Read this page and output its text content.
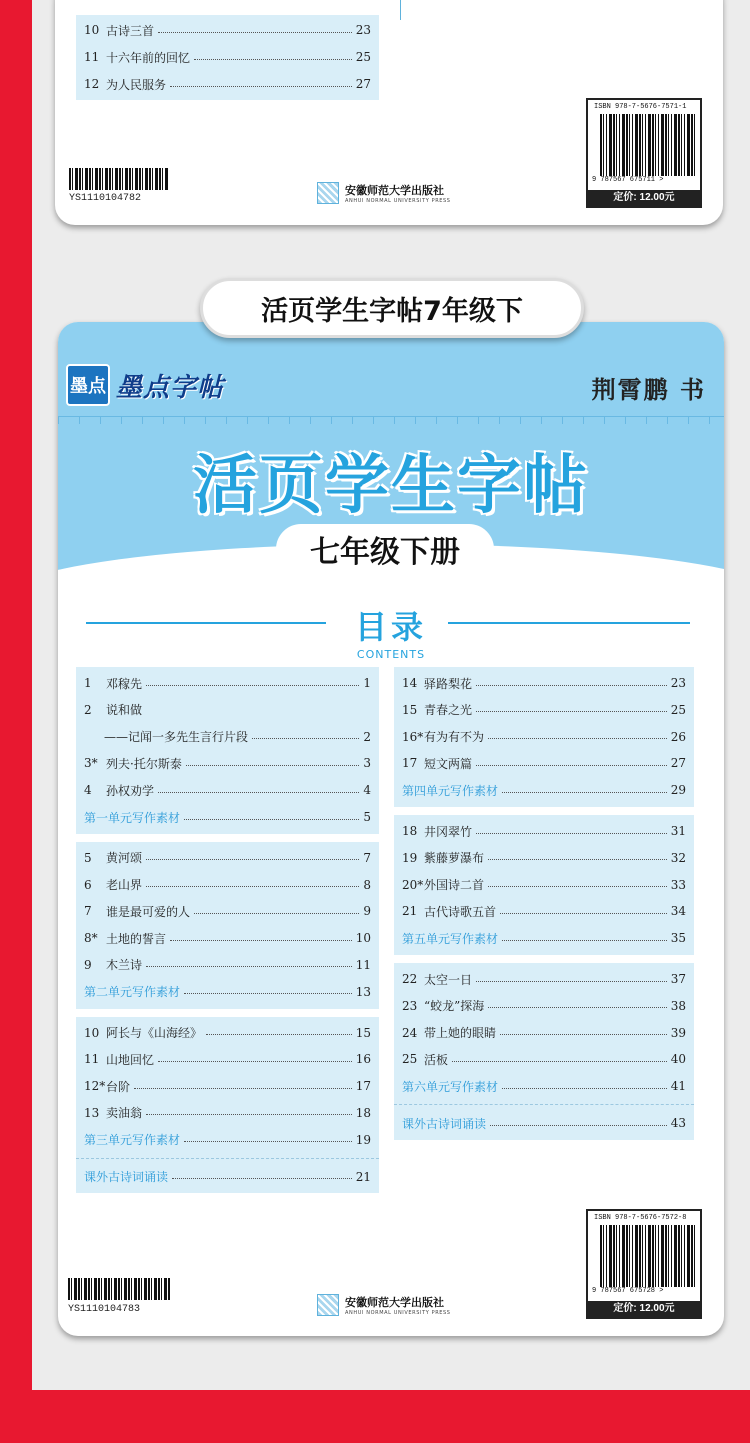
10 古诗三首	23
11 十六年前的回忆	25
12 为人民服务	27
YS1110104782
安徽师范大学出版社
ANHUI NORMAL UNIVERSITY PRESS
ISBN 978-7-5676-7571-1
9 787567 675711 >
定价: 12.00元
活页学生字帖7年级下
墨点 墨点字帖	荆霄鹏 书
活页学生字帖
七年级下册
目录
CONTENTS
1	邓稼先	1
2	说和做
——记闻一多先生言行片段	2
3* 列夫·托尔斯泰	3
4	孙权劝学	4
第一单元写作素材	5
5	黄河颂	7
6	老山界	8
7	谁是最可爱的人	9
8* 土地的誓言	10
9	木兰诗	11
第二单元写作素材	13
10 阿长与《山海经》	15
11 山地回忆	16
12* 台阶	17
13 卖油翁	18
第三单元写作素材	19
课外古诗词诵读	21
14 驿路梨花	23
15 青春之光	25
16* 有为有不为	26
17 短文两篇	27
第四单元写作素材	29
18 井冈翠竹	31
19 紫藤萝瀑布	32
20* 外国诗二首	33
21 古代诗歌五首	34
第五单元写作素材	35
22 太空一日	37
23 “蛟龙”探海	38
24 带上她的眼睛	39
25 活板	40
第六单元写作素材	41
课外古诗词诵读	43
YS1110104783
安徽师范大学出版社
ANHUI NORMAL UNIVERSITY PRESS
ISBN 978-7-5676-7572-8
9 787567 675728 >
定价: 12.00元
